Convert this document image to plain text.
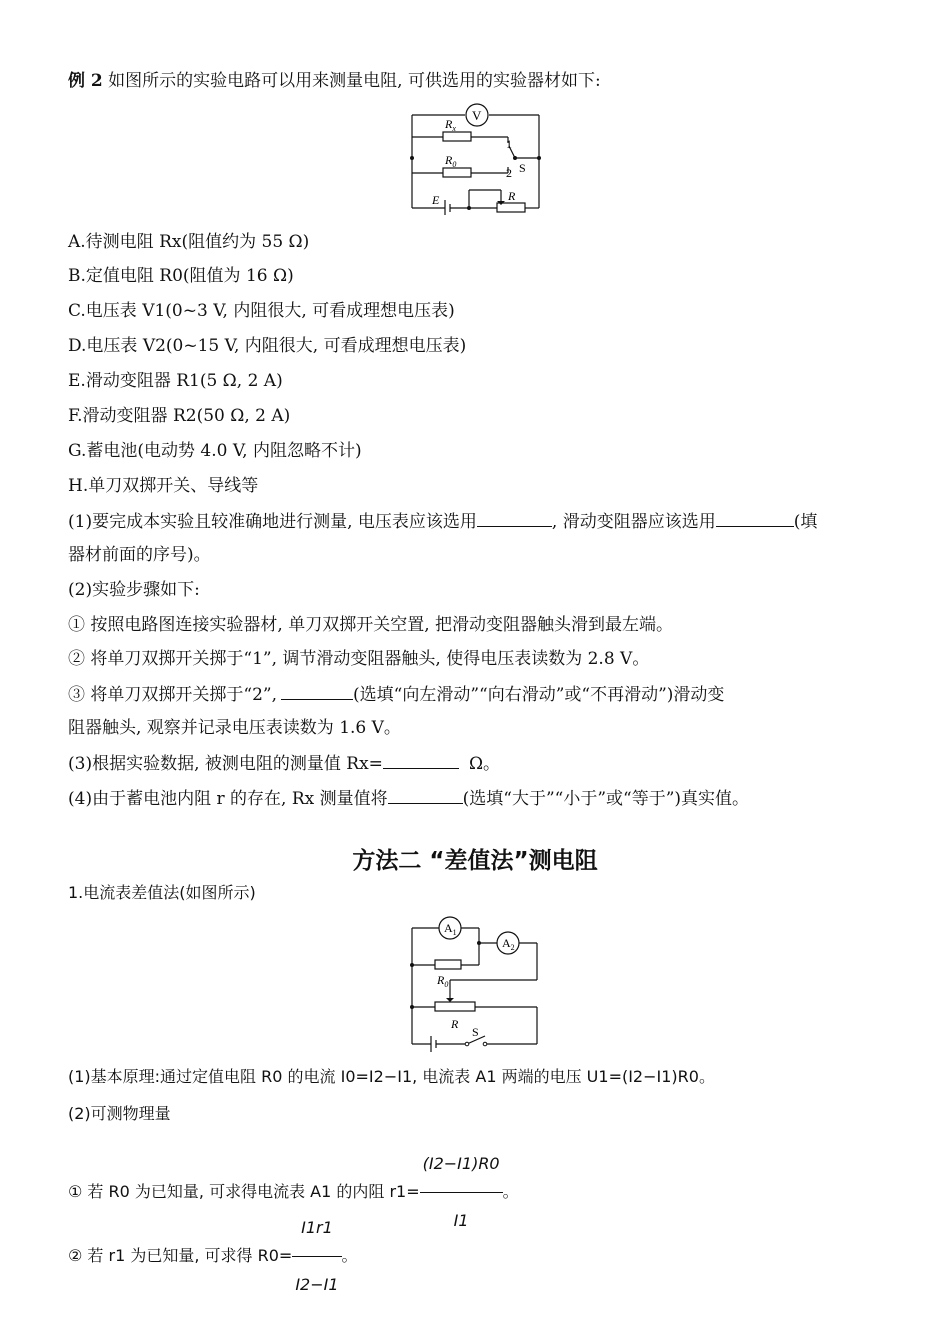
例 2 如图所示的实验电路可以用来测量电阻, 可供选用的实验器材如下:
V
$R_x$
$R_0$
1
2 S
E	R
A.待测电阻 Rx(阻值约为 55 Ω)
B.定值电阻 R0(阻值为 16 Ω)
C.电压表 V1(0~3 V, 内阻很大, 可看成理想电压表)
D.电压表 V2(0~15 V, 内阻很大, 可看成理想电压表)
E.滑动变阻器 R1(5 Ω, 2 A)
F.滑动变阻器 R2(50 Ω, 2 A)
G.蓄电池(电动势 4.0 V, 内阻忽略不计)
H.单刀双掷开关、导线等
(1)要完成本实验且较准确地进行测量, 电压表应该选用	, 滑动变阻器应该选用	(填
器材前面的序号)。
(2)实验步骤如下:
① 按照电路图连接实验器材, 单刀双掷开关空置, 把滑动变阻器触头滑到最左端。
② 将单刀双掷开关掷于“1”, 调节滑动变阻器触头, 使得电压表读数为 2.8 V。
③ 将单刀双掷开关掷于“2”,	(选填“向左滑动”“向右滑动”或“不再滑动”)滑动变
阻器触头, 观察并记录电压表读数为 1.6 V。
(3)根据实验数据, 被测电阻的测量值 Rx=	Ω。
(4)由于蓄电池内阻 r 的存在, Rx 测量值将	(选填“大于”“小于”或“等于”)真实值。
方法二 “差值法”测电阻
1.电流表差值法(如图所示)
$A_1$
$A_2$
$R_0$
R
S
(1)基本原理:通过定值电阻 R0 的电流 I0=I2−I1, 电流表 A1 两端的电压 U1=(I2−I1)R0。
(2)可测物理量
① 若 R0 为已知量, 可求得电流表 A1 的内阻 $r1= \frac{(I2-I1)R0}{I1}$ 。
② 若 r1 为已知量, 可求得 $R0= \frac{I1r1}{I2-I1}$ 。
